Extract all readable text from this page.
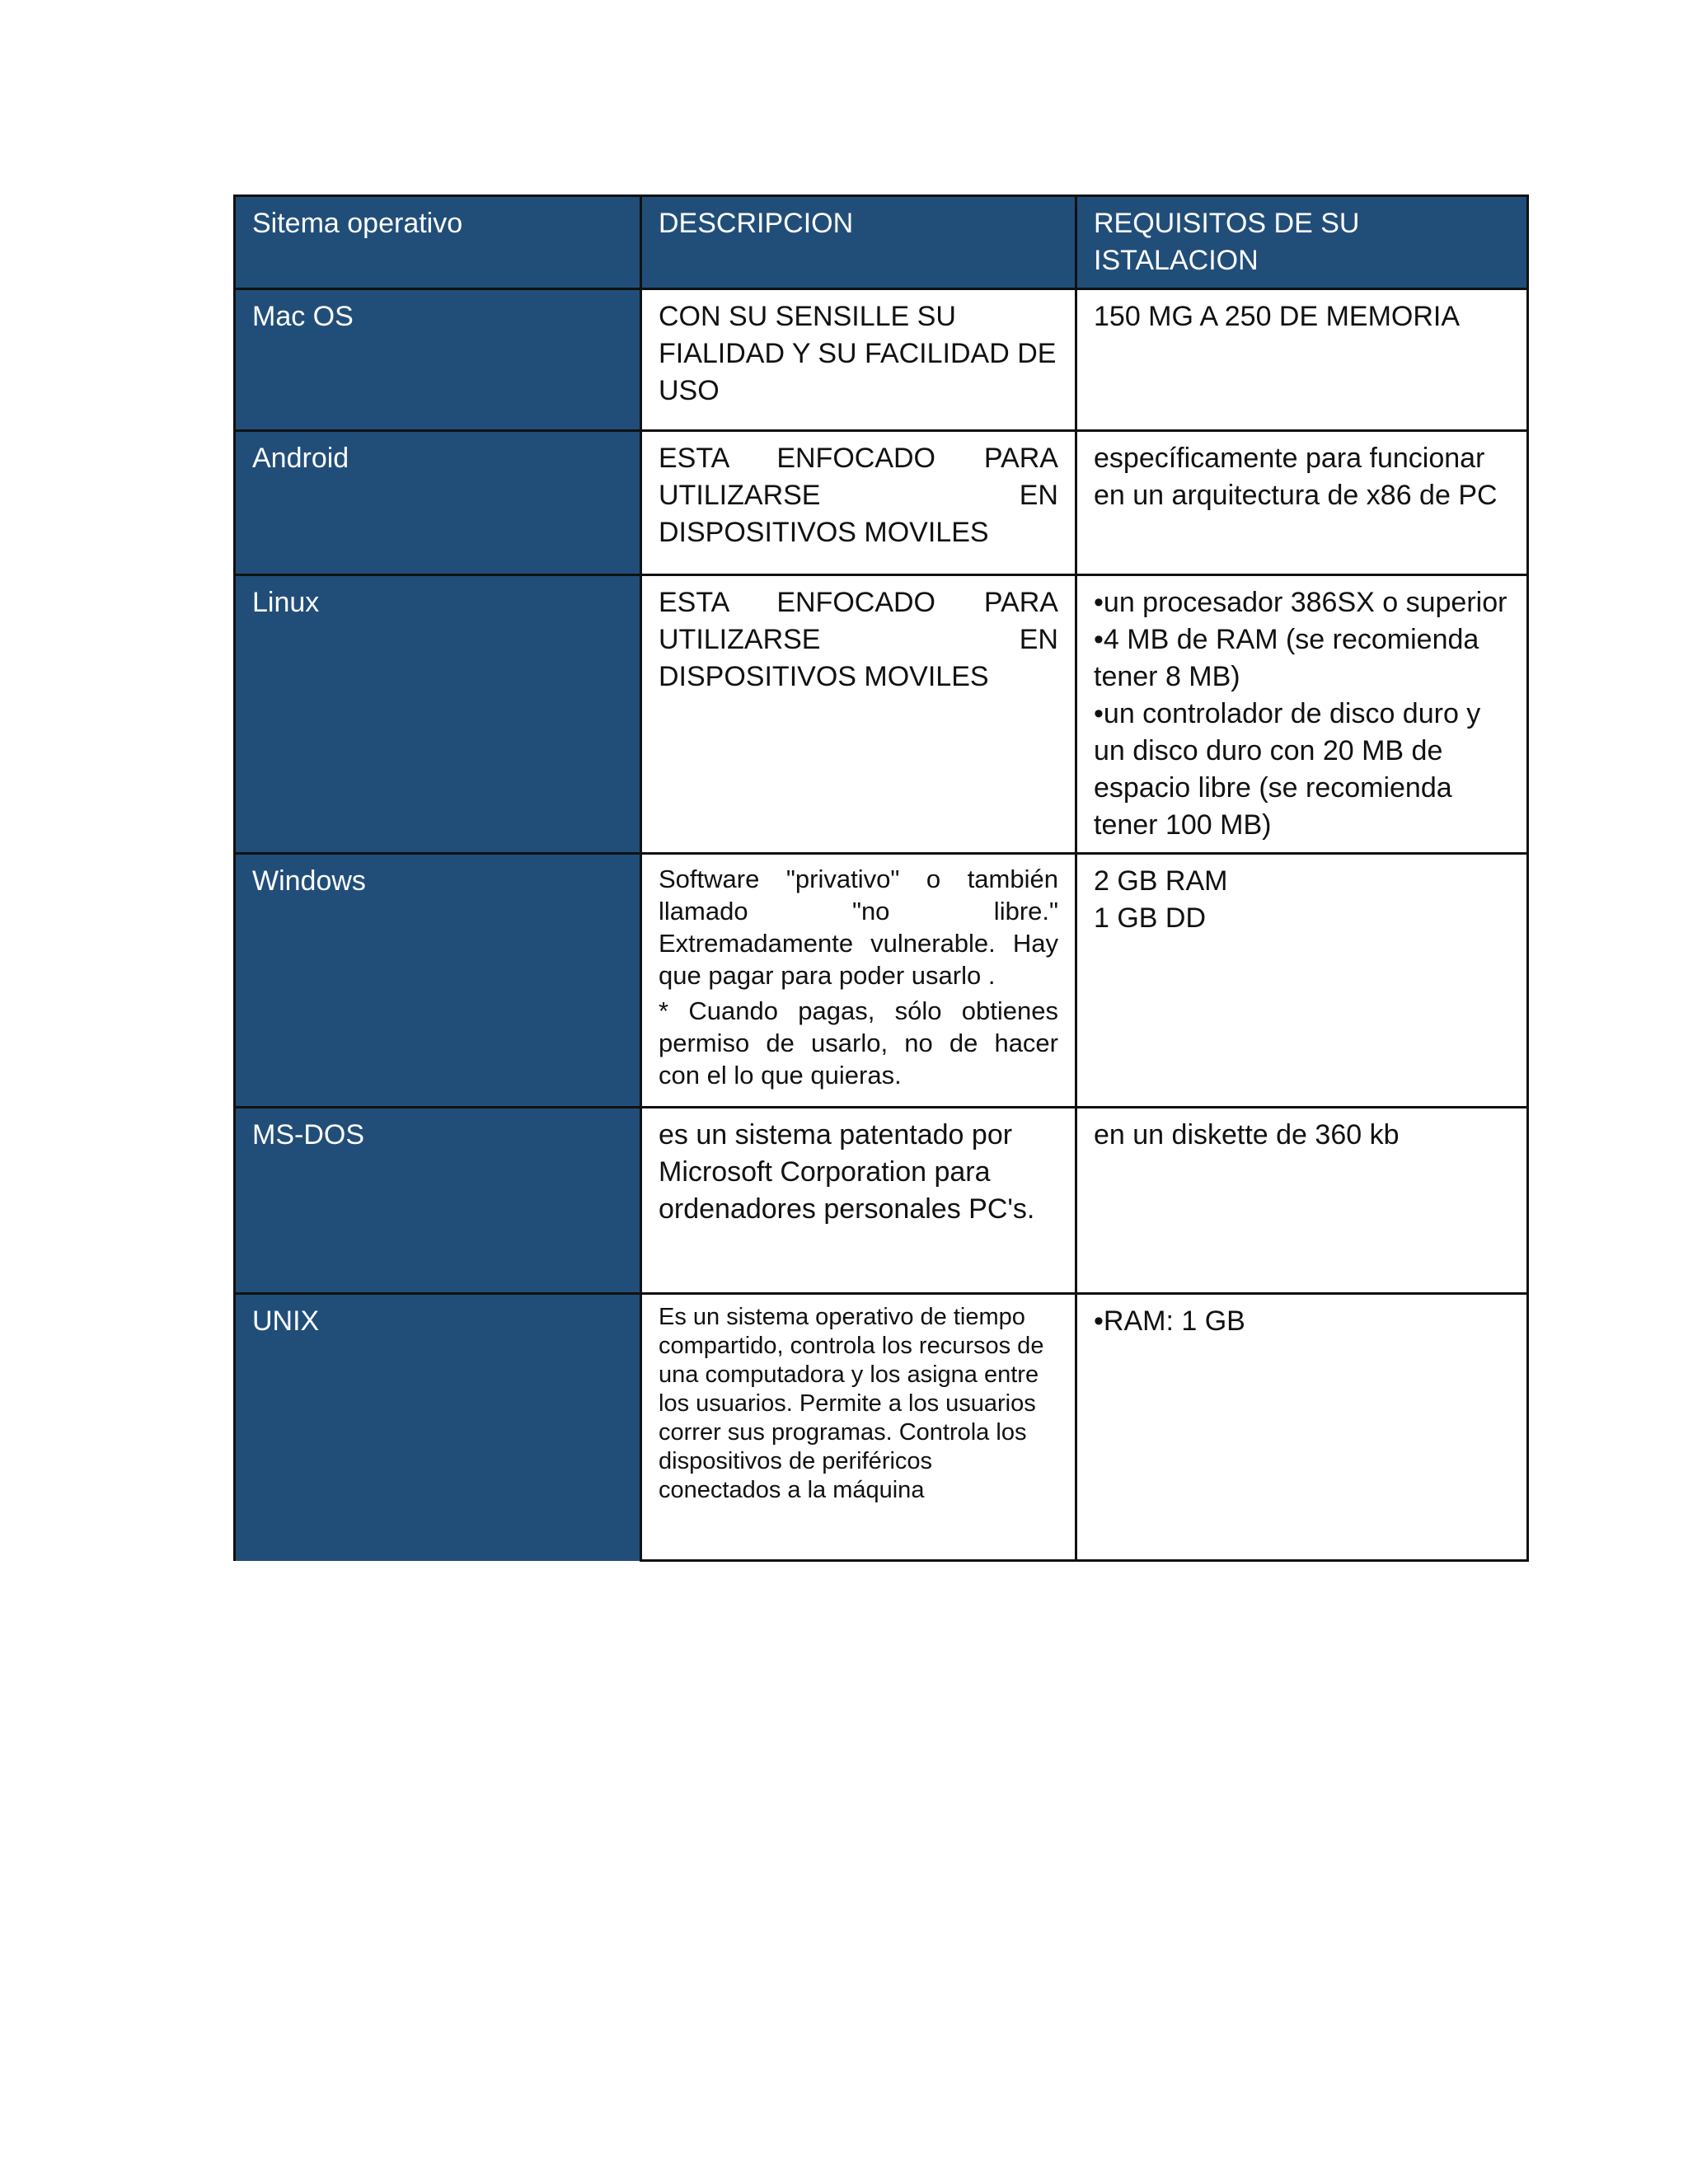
Sitema operativo	DESCRIPCION	REQUISITOS DE SU ISTALACION
Mac OS	CON SU SENSILLE SU FIALIDAD Y SU FACILIDAD DE USO	150 MG A 250 DE MEMORIA

Android	ESTA ENFOCADO PARA UTILIZARSE EN DISPOSITIVOS MOVILES	específicamente para funcionar en un arquitectura de x86 de PC

Linux	ESTA ENFOCADO PARA UTILIZARSE EN DISPOSITIVOS MOVILES	•un procesador 386SX o superior
•4 MB de RAM (se recomienda tener 8 MB)
•un controlador de disco duro y un disco duro con 20 MB de espacio libre (se recomienda tener 100 MB)

Windows	Software "privativo" o también llamado "no libre." Extremadamente vulnerable. Hay que pagar para poder usarlo .
* Cuando pagas, sólo obtienes permiso de usarlo, no de hacer con el lo que quieras.	2 GB RAM
1 GB DD

MS-DOS	es un sistema patentado por Microsoft Corporation para ordenadores personales PC's.	en un diskette de 360 kb

UNIX	Es un sistema operativo de tiempo compartido, controla los recursos de una computadora y los asigna entre los usuarios. Permite a los usuarios correr sus programas. Controla los dispositivos de periféricos conectados a la máquina	•RAM: 1 GB
